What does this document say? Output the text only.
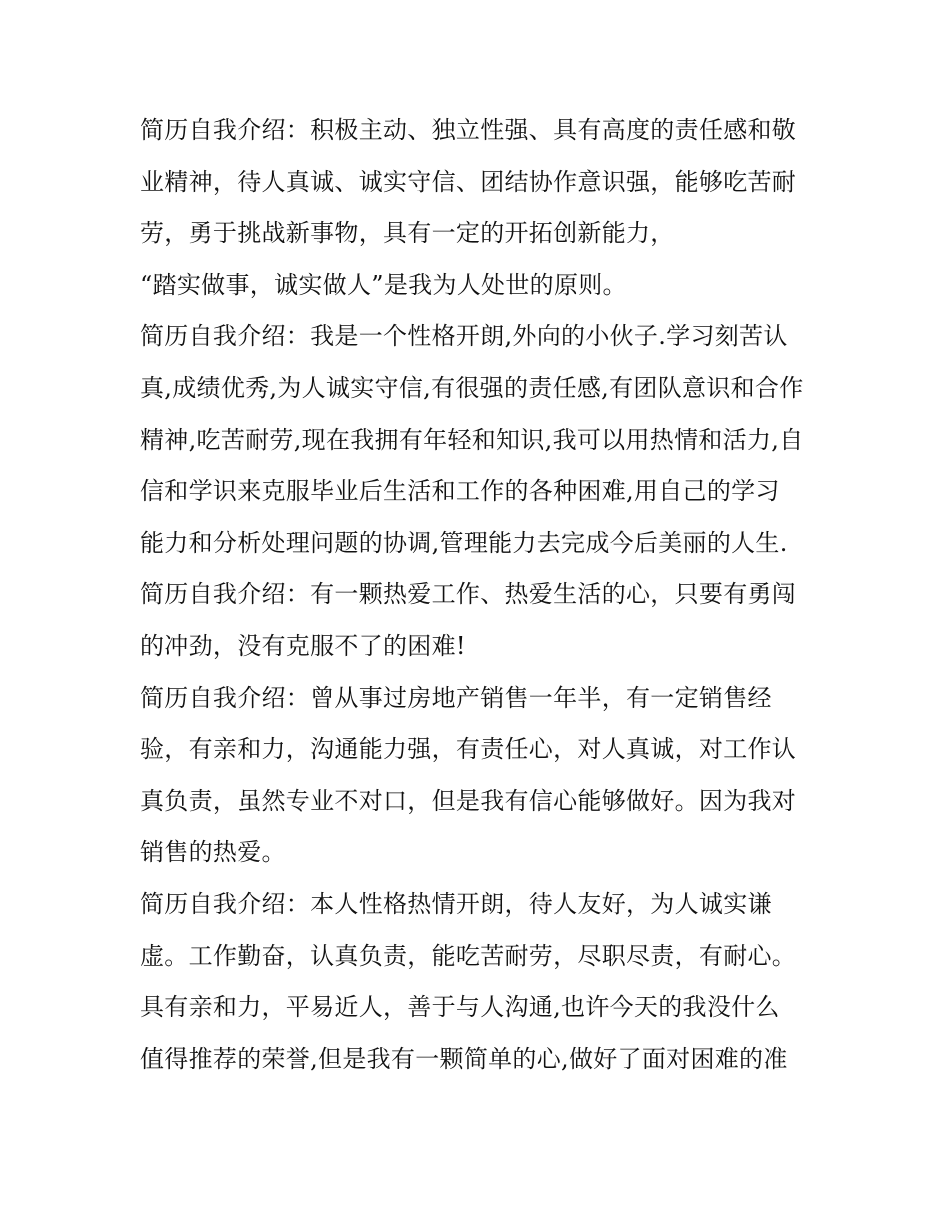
简历自我介绍：积极主动、独立性强、具有高度的责任感和敬
业精神，待人真诚、诚实守信、团结协作意识强，能够吃苦耐
劳，勇于挑战新事物，具有一定的开拓创新能力，
“踏实做事，诚实做人”是我为人处世的原则。
简历自我介绍：我是一个性格开朗,外向的小伙子.学习刻苦认
真,成绩优秀,为人诚实守信,有很强的责任感,有团队意识和合作
精神,吃苦耐劳,现在我拥有年轻和知识,我可以用热情和活力,自
信和学识来克服毕业后生活和工作的各种困难,用自己的学习
能力和分析处理问题的协调,管理能力去完成今后美丽的人生.
简历自我介绍：有一颗热爱工作、热爱生活的心，只要有勇闯
的冲劲，没有克服不了的困难!
简历自我介绍：曾从事过房地产销售一年半，有一定销售经
验，有亲和力，沟通能力强，有责任心，对人真诚，对工作认
真负责，虽然专业不对口，但是我有信心能够做好。因为我对
销售的热爱。
简历自我介绍：本人性格热情开朗，待人友好，为人诚实谦
虚。工作勤奋，认真负责，能吃苦耐劳，尽职尽责，有耐心。
具有亲和力，平易近人，善于与人沟通,也许今天的我没什么
值得推荐的荣誉,但是我有一颗简单的心,做好了面对困难的准
